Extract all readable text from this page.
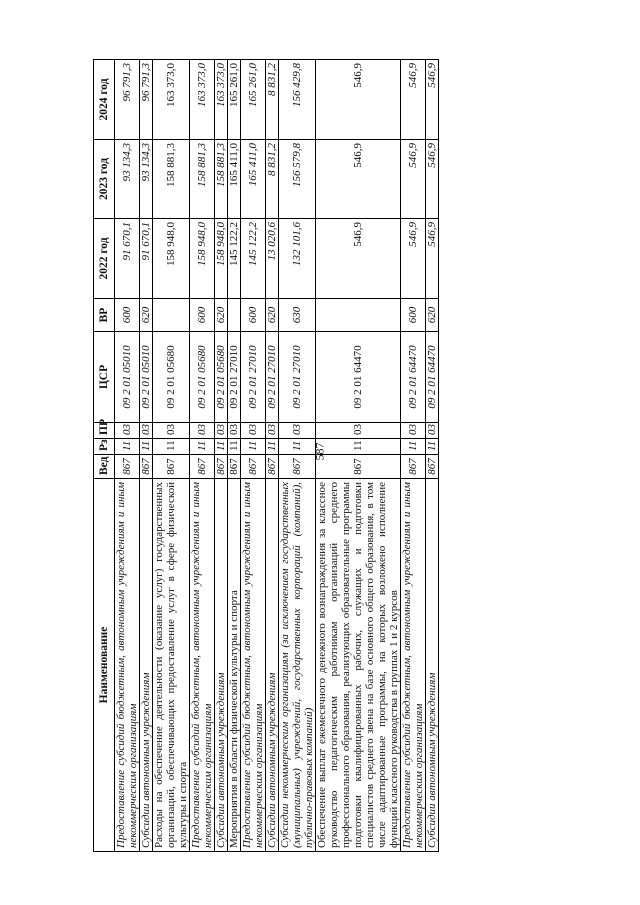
587
Наименование	Вед	Рз	ПР	ЦСР	ВР	2022 год	2023 год	2024 год
Предоставление субсидий бюджетным, автономным учреждениям и иным некоммерческим организациям	867	11	03	09 2 01 05010	600	91 670,1	93 134,3	96 791,3
Субсидии автономным учреждениям	867	11	03	09 2 01 05010	620	91 670,1	93 134,3	96 791,3
Расходы на обеспечение деятельности (оказание услуг) государственных организаций, обеспечивающих предоставление услуг в сфере физической культуры и спорта	867	11	03	09 2 01 05680		158 948,0	158 881,3	163 373,0
Предоставление субсидий бюджетным, автономным учреждениям и иным некоммерческим организациям	867	11	03	09 2 01 05680	600	158 948,0	158 881,3	163 373,0
Субсидии автономным учреждениям	867	11	03	09 2 01 05680	620	158 948,0	158 881,3	163 373,0
Мероприятия в области физической культуры и спорта	867	11	03	09 2 01 27010		145 122,2	165 411,0	165 261,0
Предоставление субсидий бюджетным, автономным учреждениям и иным некоммерческим организациям	867	11	03	09 2 01 27010	600	145 122,2	165 411,0	165 261,0
Субсидии автономным учреждениям	867	11	03	09 2 01 27010	620	13 020,6	8 831,2	8 831,2
Субсидии некоммерческим организациям (за исключением государственных (муниципальных) учреждений, государственных корпораций (компаний), публично-правовых компаний)	867	11	03	09 2 01 27010	630	132 101,6	156 579,8	156 429,8
Обеспечение выплат ежемесячного денежного вознаграждения за классное руководство педагогическим работникам организаций среднего профессионального образования, реализующих образовательные программы подготовки квалифицированных рабочих, служащих и подготовки специалистов среднего звена на базе основного общего образования, в том числе адаптированные программы, на которых возложено исполнение функций классного руководства в группах 1 и 2 курсов	867	11	03	09 2 01 64470		546,9	546,9	546,9
Предоставление субсидий бюджетным, автономным учреждениям и иным некоммерческим организациям	867	11	03	09 2 01 64470	600	546,9	546,9	546,9
Субсидии автономным учреждениям	867	11	03	09 2 01 64470	620	546,9	546,9	546,9
